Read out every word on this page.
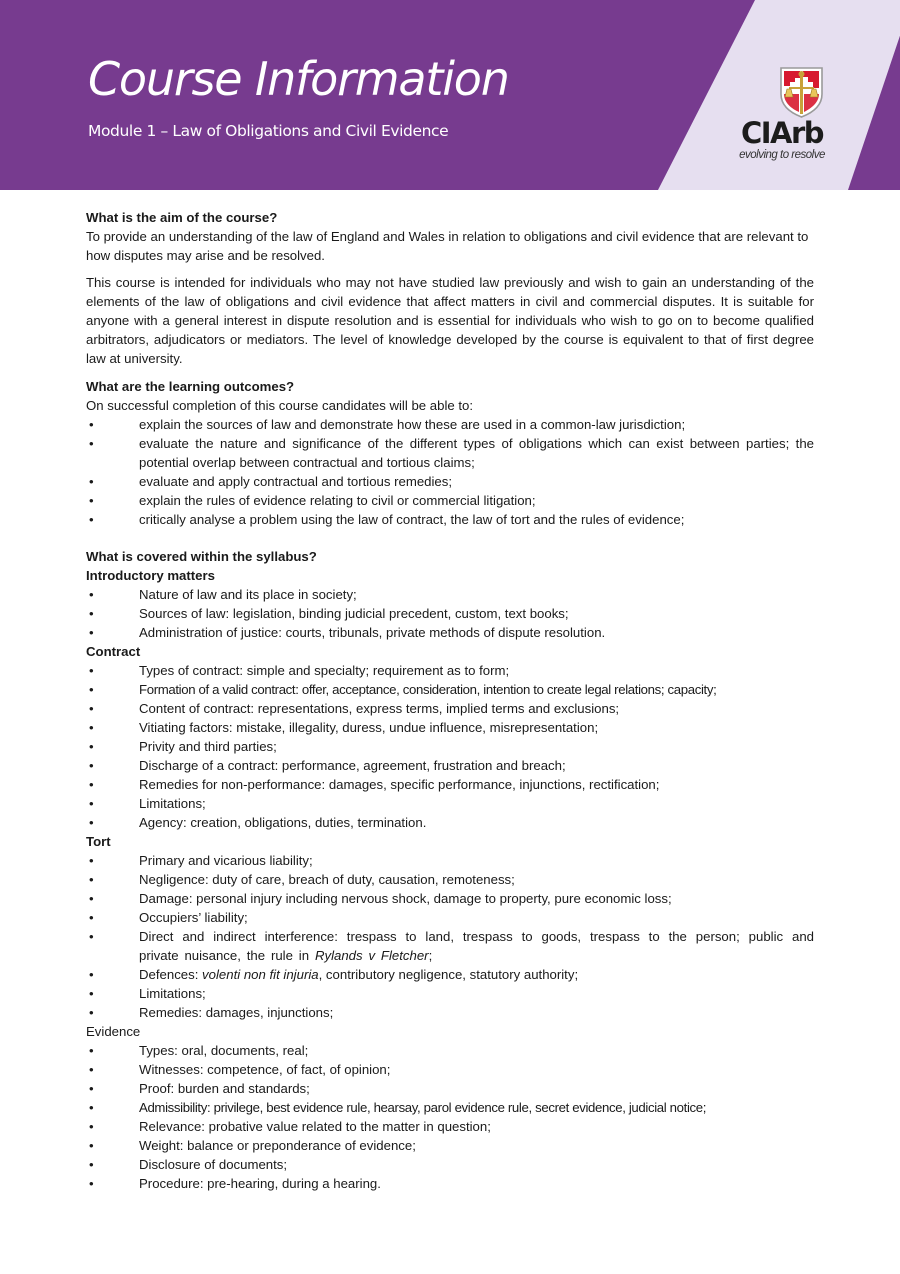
Course Information
Module 1 – Law of Obligations and Civil Evidence	CIArb
evolving to resolve

What is the aim of the course?

To provide an understanding of the law of England and Wales in relation to obligations and civil evidence that are relevant to how disputes may arise and be resolved.

This course is intended for individuals who may not have studied law previously and wish to gain an understanding of the elements of the law of obligations and civil evidence that affect matters in civil and commercial disputes. It is suitable for anyone with a general interest in dispute resolution and is essential for individuals who wish to go on to become qualified arbitrators, adjudicators or mediators. The level of knowledge developed by the course is equivalent to that of first degree law at university.

What are the learning outcomes?

On successful completion of this course candidates will be able to:

•	explain the sources of law and demonstrate how these are used in a common-law jurisdiction;
•	evaluate the nature and significance of the different types of obligations which can exist between parties; the potential overlap between contractual and tortious claims;
•	evaluate and apply contractual and tortious remedies;
•	explain the rules of evidence relating to civil or commercial litigation;
•	critically analyse a problem using the law of contract, the law of tort and the rules of evidence;

What is covered within the syllabus?

Introductory matters

•	Nature of law and its place in society;
•	Sources of law: legislation, binding judicial precedent, custom, text books;
•	Administration of justice: courts, tribunals, private methods of dispute resolution.

Contract

•	Types of contract: simple and specialty; requirement as to form;
•	Formation of a valid contract: offer, acceptance, consideration, intention to create legal relations; capacity;
•	Content of contract: representations, express terms, implied terms and exclusions;
•	Vitiating factors: mistake, illegality, duress, undue influence, misrepresentation;
•	Privity and third parties;
•	Discharge of a contract: performance, agreement, frustration and breach;
•	Remedies for non-performance: damages, specific performance, injunctions, rectification;
•	Limitations;
•	Agency: creation, obligations, duties, termination.

Tort

•	Primary and vicarious liability;
•	Negligence: duty of care, breach of duty, causation, remoteness;
•	Damage: personal injury including nervous shock, damage to property, pure economic loss;
•	Occupiers’ liability;
•	Direct and indirect interference: trespass to land, trespass to goods, trespass to the person; public and private nuisance, the rule in Rylands v Fletcher;
•	Defences: volenti non fit injuria, contributory negligence, statutory authority;
•	Limitations;
•	Remedies: damages, injunctions;

Evidence

•	Types: oral, documents, real;
•	Witnesses: competence, of fact, of opinion;
•	Proof: burden and standards;
•	Admissibility: privilege, best evidence rule, hearsay, parol evidence rule, secret evidence, judicial notice;
•	Relevance: probative value related to the matter in question;
•	Weight: balance or preponderance of evidence;
•	Disclosure of documents;
•	Procedure: pre-hearing, during a hearing.
